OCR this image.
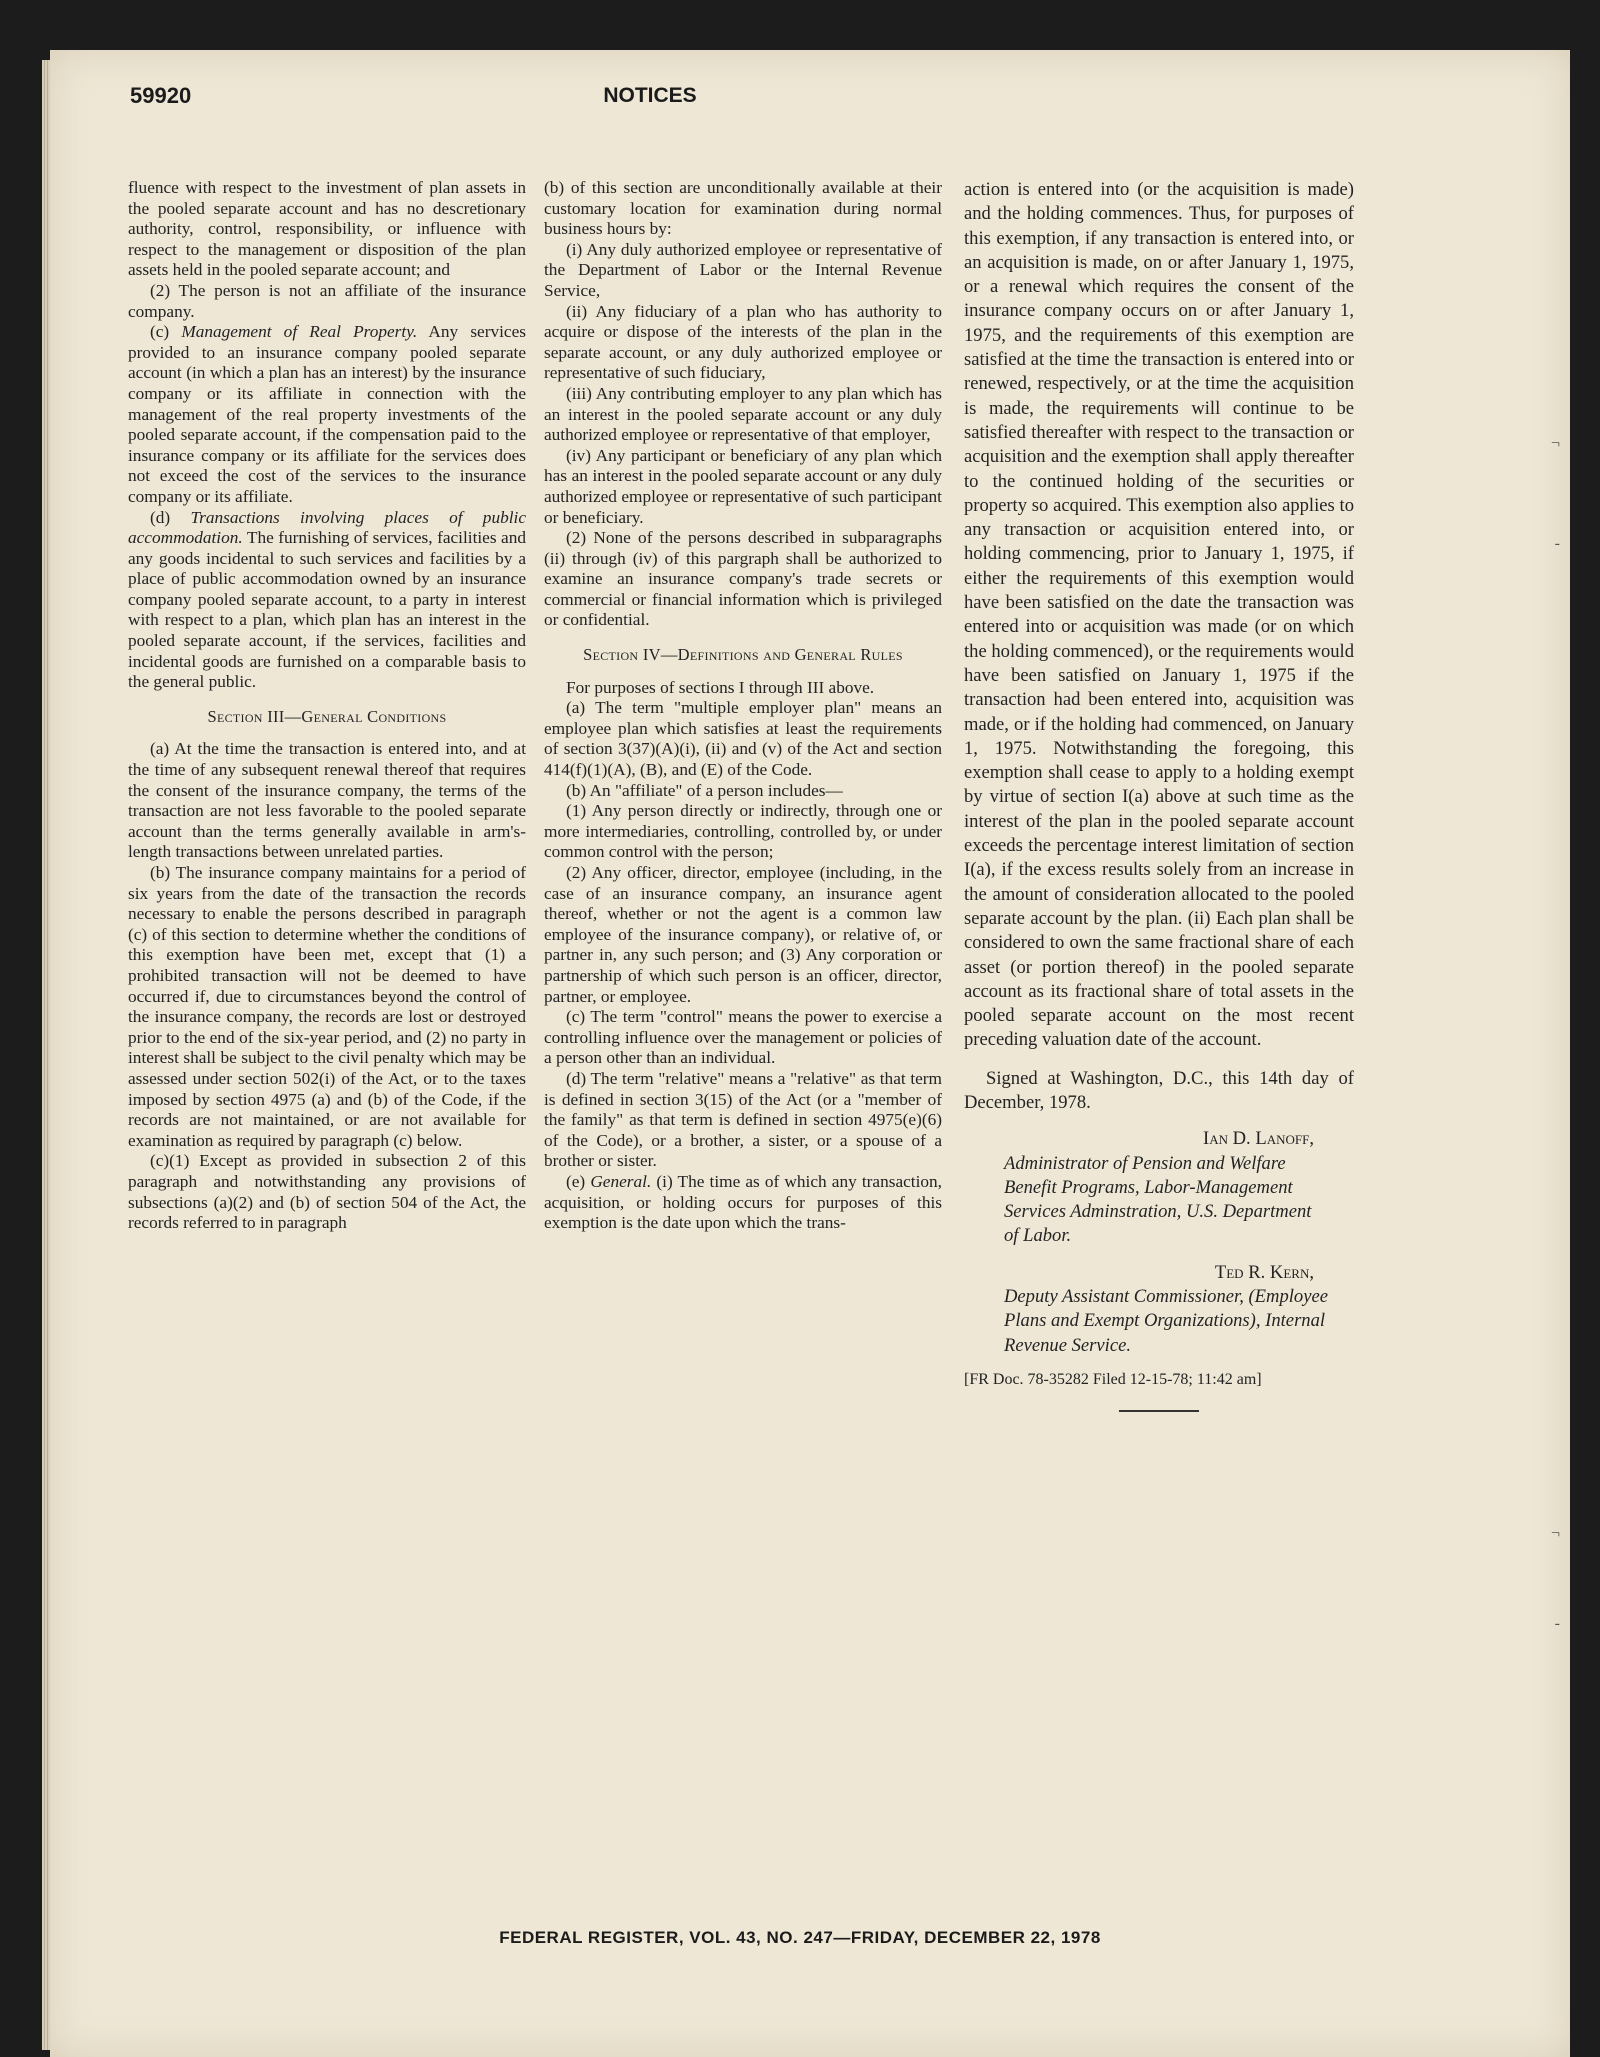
¬
-
¬
-
59920	NOTICES

fluence with respect to the investment of plan assets in the pooled separate account and has no descretionary authority, control, responsibility, or influence with respect to the management or disposition of the plan assets held in the pooled separate account; and

(2) The person is not an affiliate of the insurance company.

(c) Management of Real Property. Any services provided to an insurance company pooled separate account (in which a plan has an interest) by the insurance company or its affiliate in connection with the management of the real property investments of the pooled separate account, if the compensation paid to the insurance company or its affiliate for the services does not exceed the cost of the services to the insurance company or its affiliate.

(d) Transactions involving places of public accommodation. The furnishing of services, facilities and any goods incidental to such services and facilities by a place of public accommodation owned by an insurance company pooled separate account, to a party in interest with respect to a plan, which plan has an interest in the pooled separate account, if the services, facilities and incidental goods are furnished on a comparable basis to the general public.

Section III—General Conditions

(a) At the time the transaction is entered into, and at the time of any subsequent renewal thereof that requires the consent of the insurance company, the terms of the transaction are not less favorable to the pooled separate account than the terms generally available in arm's-length transactions between unrelated parties.

(b) The insurance company maintains for a period of six years from the date of the transaction the records necessary to enable the persons described in paragraph (c) of this section to determine whether the conditions of this exemption have been met, except that (1) a prohibited transaction will not be deemed to have occurred if, due to circumstances beyond the control of the insurance company, the records are lost or destroyed prior to the end of the six-year period, and (2) no party in interest shall be subject to the civil penalty which may be assessed under section 502(i) of the Act, or to the taxes imposed by section 4975 (a) and (b) of the Code, if the records are not maintained, or are not available for examination as required by paragraph (c) below.

(c)(1) Except as provided in subsection 2 of this paragraph and notwithstanding any provisions of subsections (a)(2) and (b) of section 504 of the Act, the records referred to in paragraph

(b) of this section are unconditionally available at their customary location for examination during normal business hours by:

(i) Any duly authorized employee or representative of the Department of Labor or the Internal Revenue Service,

(ii) Any fiduciary of a plan who has authority to acquire or dispose of the interests of the plan in the separate account, or any duly authorized employee or representative of such fiduciary,

(iii) Any contributing employer to any plan which has an interest in the pooled separate account or any duly authorized employee or representative of that employer,

(iv) Any participant or beneficiary of any plan which has an interest in the pooled separate account or any duly authorized employee or representative of such participant or beneficiary.

(2) None of the persons described in subparagraphs (ii) through (iv) of this pargraph shall be authorized to examine an insurance company's trade secrets or commercial or financial information which is privileged or confidential.

Section IV—Definitions and General Rules

For purposes of sections I through III above.

(a) The term "multiple employer plan" means an employee plan which satisfies at least the requirements of section 3(37)(A)(i), (ii) and (v) of the Act and section 414(f)(1)(A), (B), and (E) of the Code.

(b) An "affiliate" of a person includes—

(1) Any person directly or indirectly, through one or more intermediaries, controlling, controlled by, or under common control with the person;

(2) Any officer, director, employee (including, in the case of an insurance company, an insurance agent thereof, whether or not the agent is a common law employee of the insurance company), or relative of, or partner in, any such person; and (3) Any corporation or partnership of which such person is an officer, director, partner, or employee.

(c) The term "control" means the power to exercise a controlling influence over the management or policies of a person other than an individual.

(d) The term "relative" means a "relative" as that term is defined in section 3(15) of the Act (or a "member of the family" as that term is defined in section 4975(e)(6) of the Code), or a brother, a sister, or a spouse of a brother or sister.

(e) General. (i) The time as of which any transaction, acquisition, or holding occurs for purposes of this exemption is the date upon which the trans-

action is entered into (or the acquisition is made) and the holding commences. Thus, for purposes of this exemption, if any transaction is entered into, or an acquisition is made, on or after January 1, 1975, or a renewal which requires the consent of the insurance company occurs on or after January 1, 1975, and the requirements of this exemption are satisfied at the time the transaction is entered into or renewed, respectively, or at the time the acquisition is made, the requirements will continue to be satisfied thereafter with respect to the transaction or acquisition and the exemption shall apply thereafter to the continued holding of the securities or property so acquired. This exemption also applies to any transaction or acquisition entered into, or holding commencing, prior to January 1, 1975, if either the requirements of this exemption would have been satisfied on the date the transaction was entered into or acquisition was made (or on which the holding commenced), or the requirements would have been satisfied on January 1, 1975 if the transaction had been entered into, acquisition was made, or if the holding had commenced, on January 1, 1975. Notwithstanding the foregoing, this exemption shall cease to apply to a holding exempt by virtue of section I(a) above at such time as the interest of the plan in the pooled separate account exceeds the percentage interest limitation of section I(a), if the excess results solely from an increase in the amount of consideration allocated to the pooled separate account by the plan. (ii) Each plan shall be considered to own the same fractional share of each asset (or portion thereof) in the pooled separate account as its fractional share of total assets in the pooled separate account on the most recent preceding valuation date of the account.

Signed at Washington, D.C., this 14th day of December, 1978.

Ian D. Lanoff,
Administrator of Pension and Welfare Benefit Programs, Labor-Management Services Adminstration, U.S. Department of Labor.
Ted R. Kern,
Deputy Assistant Commissioner, (Employee Plans and Exempt Organizations), Internal Revenue Service.
[FR Doc. 78-35282 Filed 12-15-78; 11:42 am]

FEDERAL REGISTER, VOL. 43, NO. 247—FRIDAY, DECEMBER 22, 1978
